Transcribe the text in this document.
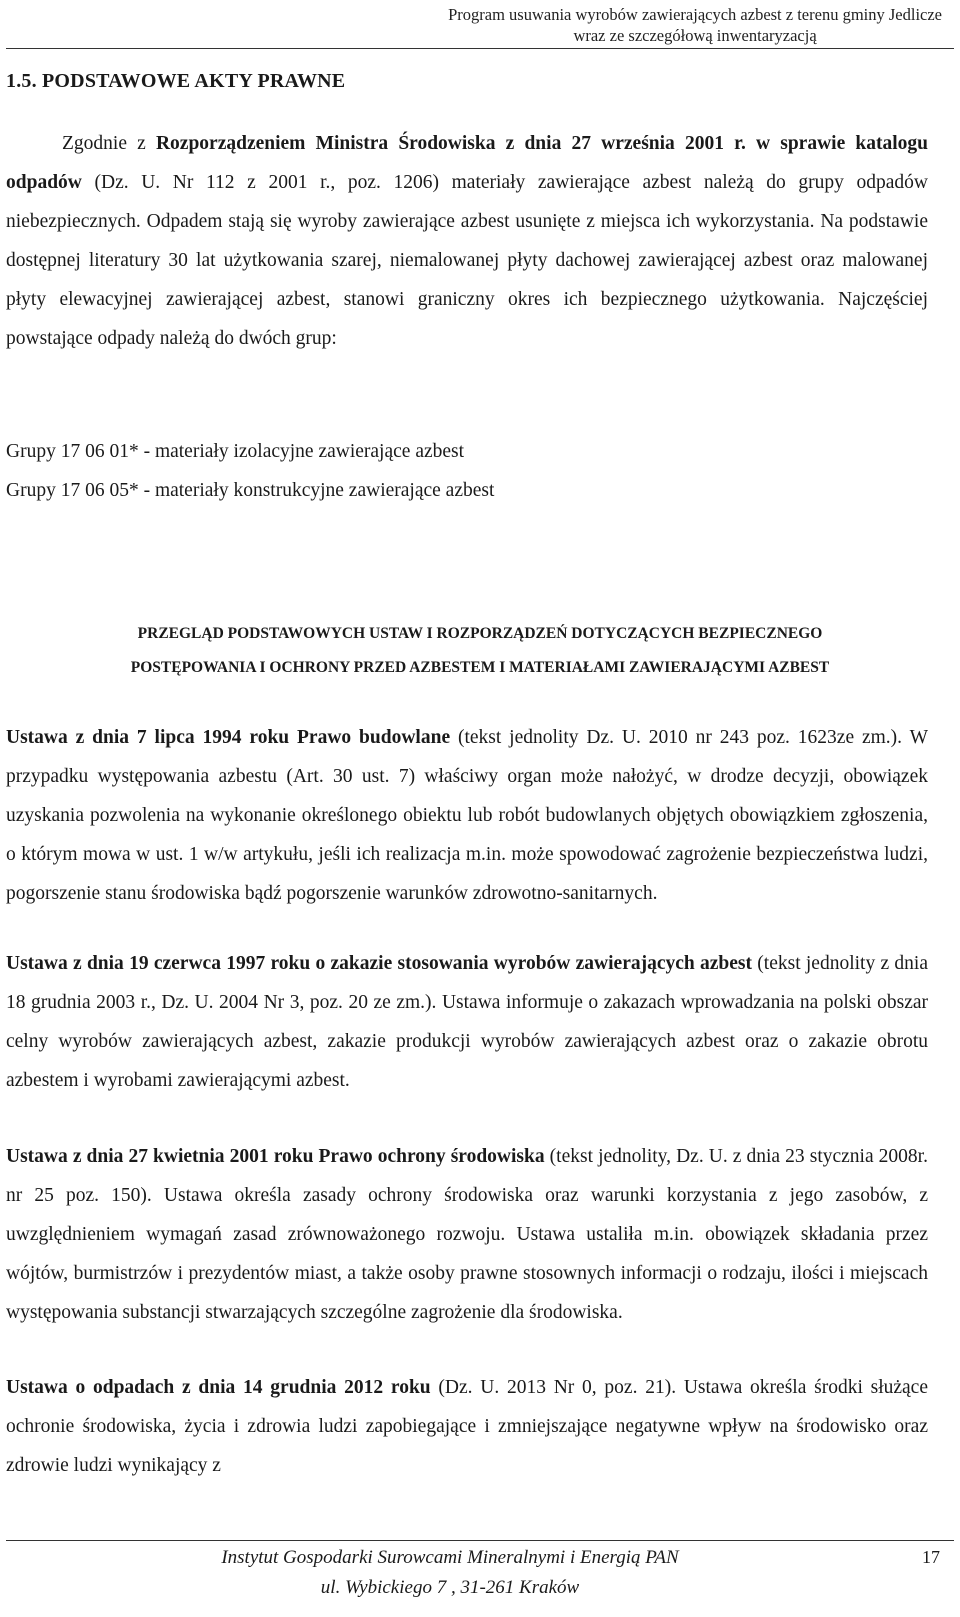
Program usuwania wyrobów zawierających azbest z terenu gminy Jedlicze
wraz ze szczegółową inwentaryzacją
1.5. PODSTAWOWE AKTY PRAWNE

Zgodnie z Rozporządzeniem Ministra Środowiska z dnia 27 września 2001 r. w sprawie katalogu odpadów (Dz. U. Nr 112 z 2001 r., poz. 1206) materiały zawierające azbest należą do grupy odpadów niebezpiecznych. Odpadem stają się wyroby zawierające azbest usunięte z miejsca ich wykorzystania. Na podstawie dostępnej literatury 30 lat użytkowania szarej, niemalowanej płyty dachowej zawierającej azbest oraz malowanej płyty elewacyjnej zawierającej azbest, stanowi graniczny okres ich bezpiecznego użytkowania. Najczęściej powstające odpady należą do dwóch grup:

Grupy 17 06 01* - materiały izolacyjne zawierające azbest

Grupy 17 06 05* - materiały konstrukcyjne zawierające azbest

PRZEGLĄD PODSTAWOWYCH USTAW I ROZPORZĄDZEŃ DOTYCZĄCYCH BEZPIECZNEGO
POSTĘPOWANIA I OCHRONY PRZED AZBESTEM I MATERIAŁAMI ZAWIERAJĄCYMI AZBEST

Ustawa z dnia 7 lipca 1994 roku Prawo budowlane (tekst jednolity Dz. U. 2010 nr 243 poz. 1623ze zm.). W przypadku występowania azbestu (Art. 30 ust. 7) właściwy organ może nałożyć, w drodze decyzji, obowiązek uzyskania pozwolenia na wykonanie określonego obiektu lub robót budowlanych objętych obowiązkiem zgłoszenia, o którym mowa w ust. 1 w/w artykułu, jeśli ich realizacja m.in. może spowodować zagrożenie bezpieczeństwa ludzi, pogorszenie stanu środowiska bądź pogorszenie warunków zdrowotno-sanitarnych.

Ustawa z dnia 19 czerwca 1997 roku o zakazie stosowania wyrobów zawierających azbest (tekst jednolity z dnia 18 grudnia 2003 r., Dz. U. 2004 Nr 3, poz. 20 ze zm.). Ustawa informuje o zakazach wprowadzania na polski obszar celny wyrobów zawierających azbest, zakazie produkcji wyrobów zawierających azbest oraz o zakazie obrotu azbestem i wyrobami zawierającymi azbest.

Ustawa z dnia 27 kwietnia 2001 roku Prawo ochrony środowiska (tekst jednolity, Dz. U. z dnia 23 stycznia 2008r. nr 25 poz. 150). Ustawa określa zasady ochrony środowiska oraz warunki korzystania z jego zasobów, z uwzględnieniem wymagań zasad zrównoważonego rozwoju. Ustawa ustaliła m.in. obowiązek składania przez wójtów, burmistrzów i prezydentów miast, a także osoby prawne stosownych informacji o rodzaju, ilości i miejscach występowania substancji stwarzających szczególne zagrożenie dla środowiska.

Ustawa o odpadach z dnia 14 grudnia 2012 roku (Dz. U. 2013 Nr 0, poz. 21). Ustawa określa środki służące ochronie środowiska, życia i zdrowia ludzi zapobiegające i zmniejszające negatywne wpływ na środowisko oraz zdrowie ludzi wynikający z

Instytut Gospodarki Surowcami Mineralnymi i Energią PAN
ul. Wybickiego 7 , 31-261 Kraków
17
